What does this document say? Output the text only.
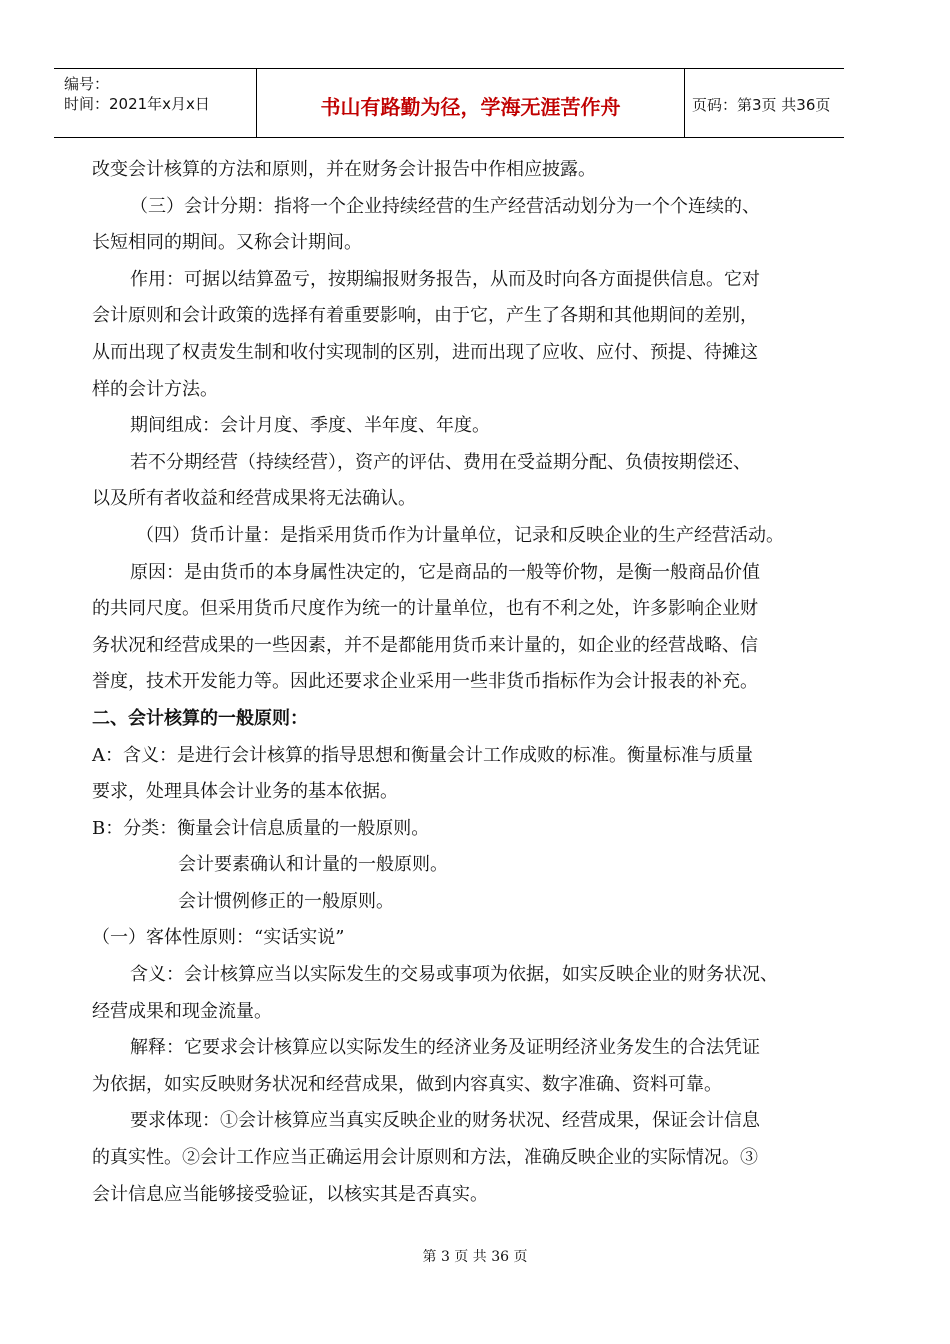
编号：
时间：2021年x月x日	书山有路勤为径，学海无涯苦作舟	页码：第3页 共36页
改变会计核算的方法和原则，并在财务会计报告中作相应披露。
（三）会计分期：指将一个企业持续经营的生产经营活动划分为一个个连续的、
长短相同的期间。又称会计期间。
作用：可据以结算盈亏，按期编报财务报告，从而及时向各方面提供信息。它对
会计原则和会计政策的选择有着重要影响，由于它，产生了各期和其他期间的差别，
从而出现了权责发生制和收付实现制的区别，进而出现了应收、应付、预提、待摊这
样的会计方法。
期间组成：会计月度、季度、半年度、年度。
若不分期经营（持续经营），资产的评估、费用在受益期分配、负债按期偿还、
以及所有者收益和经营成果将无法确认。
（四）货币计量：是指采用货币作为计量单位，记录和反映企业的生产经营活动。
原因：是由货币的本身属性决定的，它是商品的一般等价物，是衡一般商品价值
的共同尺度。但采用货币尺度作为统一的计量单位，也有不利之处，许多影响企业财
务状况和经营成果的一些因素，并不是都能用货币来计量的，如企业的经营战略、信
誉度，技术开发能力等。因此还要求企业采用一些非货币指标作为会计报表的补充。
二、会计核算的一般原则：
A：含义：是进行会计核算的指导思想和衡量会计工作成败的标准。衡量标准与质量
要求，处理具体会计业务的基本依据。
B：分类：衡量会计信息质量的一般原则。
会计要素确认和计量的一般原则。
会计惯例修正的一般原则。
（一）客体性原则：“实话实说”
含义：会计核算应当以实际发生的交易或事项为依据，如实反映企业的财务状况、
经营成果和现金流量。
解释：它要求会计核算应以实际发生的经济业务及证明经济业务发生的合法凭证
为依据，如实反映财务状况和经营成果，做到内容真实、数字准确、资料可靠。
要求体现：①会计核算应当真实反映企业的财务状况、经营成果，保证会计信息
的真实性。②会计工作应当正确运用会计原则和方法，准确反映企业的实际情况。③
会计信息应当能够接受验证，以核实其是否真实。
第 3 页 共 36 页
